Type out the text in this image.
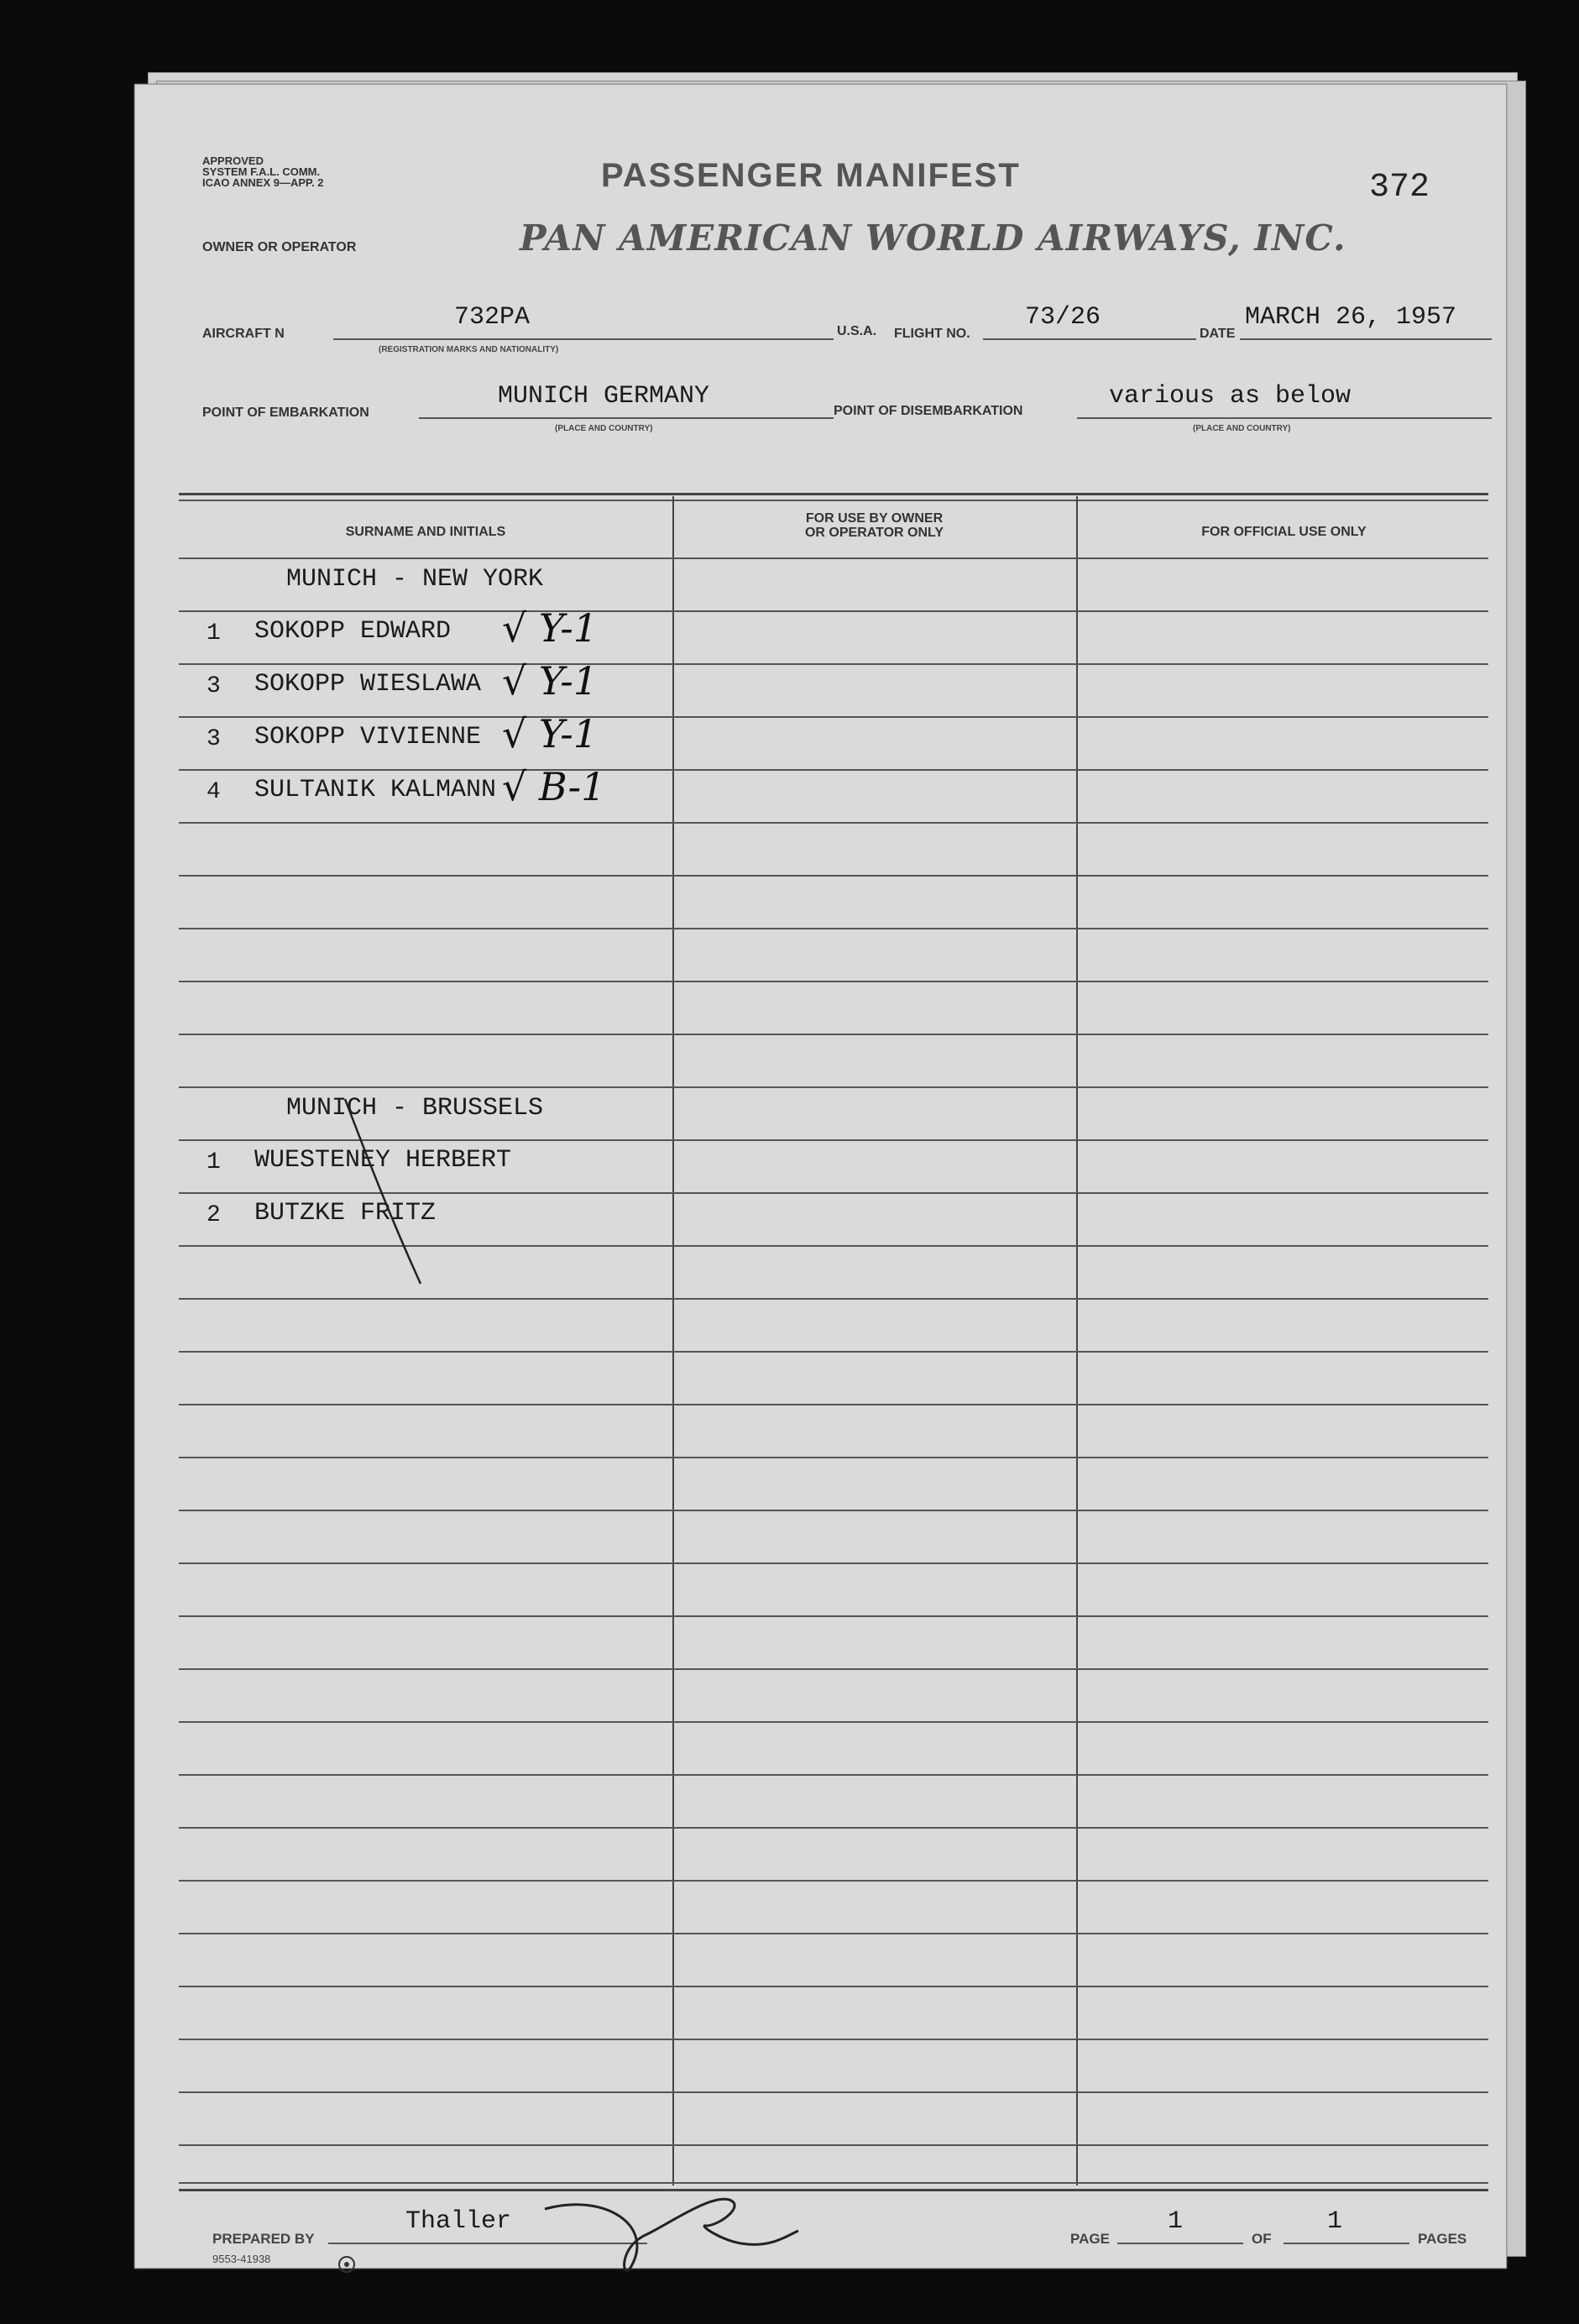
APPROVED
SYSTEM F.A.L. COMM.
ICAO ANNEX 9—APP. 2	PASSENGER MANIFEST	372
OWNER OR OPERATOR	PAN AMERICAN WORLD AIRWAYS, INC.
AIRCRAFT N
732PA
(REGISTRATION MARKS AND NATIONALITY)
U.S.A. FLIGHT NO.
73/26
DATE
MARCH 26, 1957
POINT OF EMBARKATION
MUNICH GERMANY
(PLACE AND COUNTRY)
POINT OF DISEMBARKATION
various as below
(PLACE AND COUNTRY)
SURNAME AND INITIALS
FOR USE BY OWNER
OR OPERATOR ONLY	FOR OFFICIAL USE ONLY
MUNICH - NEW YORK
1 SOKOPP EDWARD √ Y-1
3 SOKOPP WIESLAWA √ Y-1
3 SOKOPP VIVIENNE √ Y-1
4 SULTANIK KALMANN √ B-1
MUNICH - BRUSSELS
1 WUESTENEY HERBERT
2 BUTZKE FRITZ
PREPARED BY
Thaller
9553-41938
PAGE
1
OF
1
PAGES
